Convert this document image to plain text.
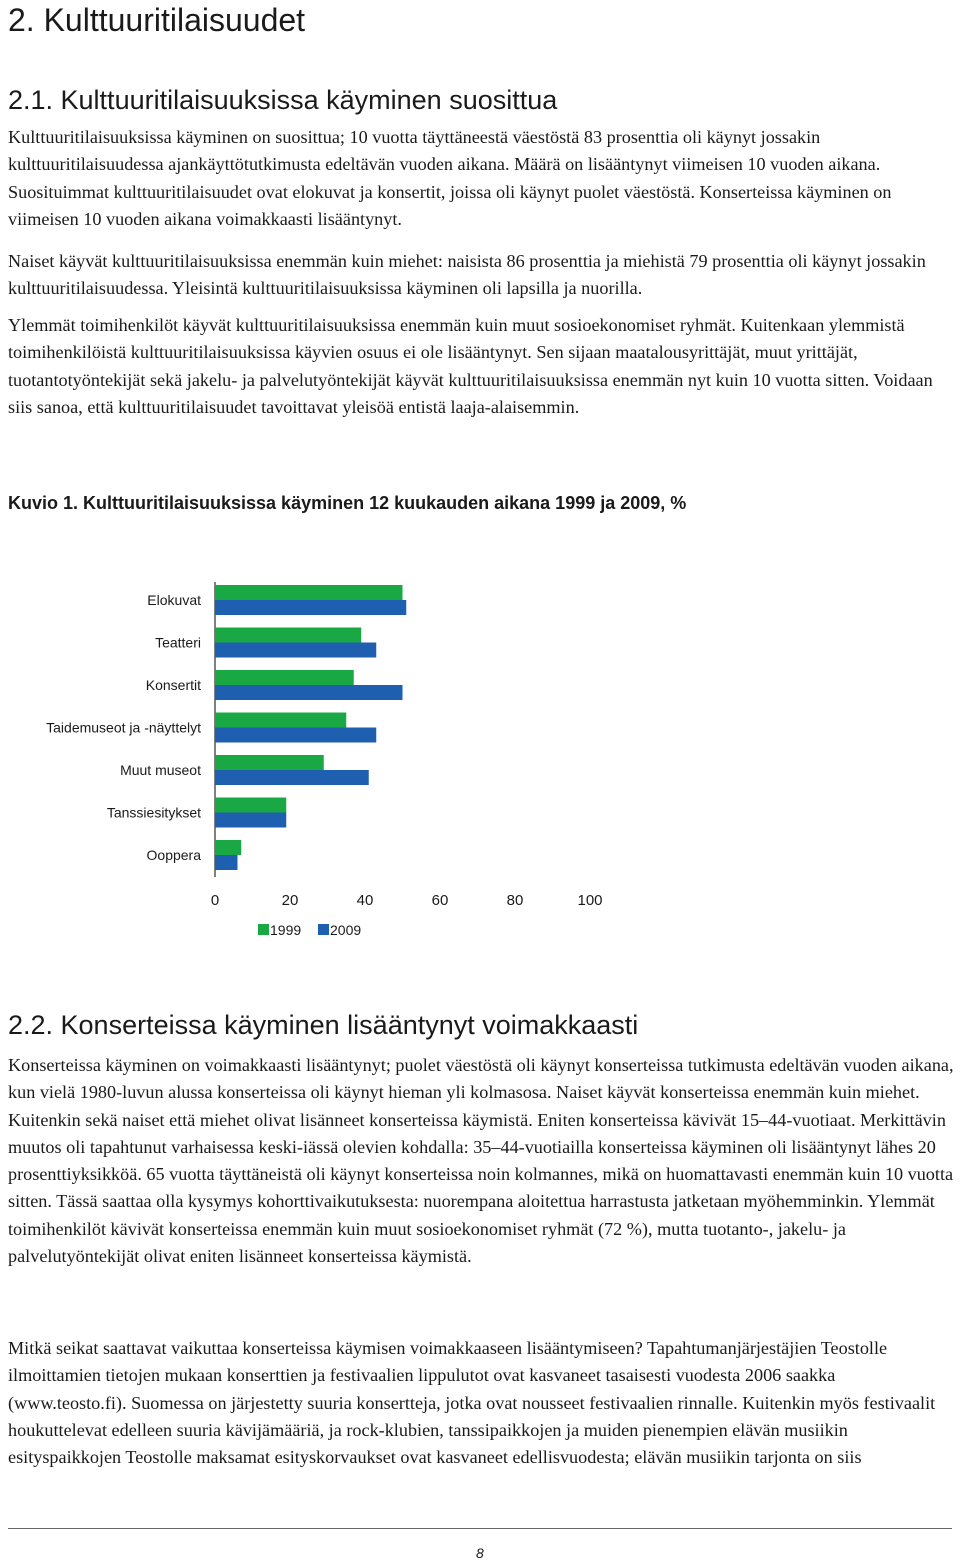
2. Kulttuuritilaisuudet
2.1. Kulttuuritilaisuuksissa käyminen suosittua

Kulttuuritilaisuuksissa käyminen on suosittua; 10 vuotta täyttäneestä väestöstä 83 prosenttia oli käynyt jossakin kulttuuritilaisuudessa ajankäyttötutkimusta edeltävän vuoden aikana. Määrä on lisääntynyt viimeisen 10 vuoden aikana. Suosituimmat kulttuuritilaisuudet ovat elokuvat ja konsertit, joissa oli käynyt puolet väestöstä. Konserteissa käyminen on viimeisen 10 vuoden aikana voimakkaasti lisääntynyt.

Naiset käyvät kulttuuritilaisuuksissa enemmän kuin miehet: naisista 86 prosenttia ja miehistä 79 prosenttia oli käynyt jossakin kulttuuritilaisuudessa. Yleisintä kulttuuritilaisuuksissa käyminen oli lapsilla ja nuorilla.

Ylemmät toimihenkilöt käyvät kulttuuritilaisuuksissa enemmän kuin muut sosioekonomiset ryhmät. Kuitenkaan ylemmistä toimihenkilöistä kulttuuritilaisuuksissa käyvien osuus ei ole lisääntynyt. Sen sijaan maatalousyrittäjät, muut yrittäjät, tuotantotyöntekijät sekä jakelu- ja palvelutyöntekijät käyvät kulttuuritilaisuuksissa enemmän nyt kuin 10 vuotta sitten. Voidaan siis sanoa, että kulttuuritilaisuudet tavoittavat yleisöä entistä laaja-alaisemmin.

Kuvio 1. Kulttuuritilaisuuksissa käyminen 12 kuukauden aikana 1999 ja 2009, %

Elokuvat
Teatteri
Konsertit
Taidemuseot ja -näyttelyt
Muut museot
Tanssiesitykset
Ooppera
0	20	40	60	80	100
1999 2009
2.2. Konserteissa käyminen lisääntynyt voimakkaasti

Konserteissa käyminen on voimakkaasti lisääntynyt; puolet väestöstä oli käynyt konserteissa tutkimusta edeltävän vuoden aikana, kun vielä 1980-luvun alussa konserteissa oli käynyt hieman yli kolmasosa. Naiset käyvät konserteissa enemmän kuin miehet. Kuitenkin sekä naiset että miehet olivat lisänneet konserteissa käymistä. Eniten konserteissa kävivät 15–44-vuotiaat. Merkittävin muutos oli tapahtunut varhaisessa keski-iässä olevien kohdalla: 35–44-vuotiailla konserteissa käyminen oli lisääntynyt lähes 20 prosenttiyksikköä. 65 vuotta täyttäneistä oli käynyt konserteissa noin kolmannes, mikä on huomattavasti enemmän kuin 10 vuotta sitten. Tässä saattaa olla kysymys kohorttivaikutuksesta: nuorempana aloitettua harrastusta jatketaan myöhemminkin. Ylemmät toimihenkilöt kävivät konserteissa enemmän kuin muut sosioekonomiset ryhmät (72 %), mutta tuotanto-, jakelu- ja palvelutyöntekijät olivat eniten lisänneet konserteissa käymistä.

Mitkä seikat saattavat vaikuttaa konserteissa käymisen voimakkaaseen lisääntymiseen? Tapahtumanjärjestäjien Teostolle ilmoittamien tietojen mukaan konserttien ja festivaalien lippulutot ovat kasvaneet tasaisesti vuodesta 2006 saakka (www.teosto.fi). Suomessa on järjestetty suuria konsertteja, jotka ovat nousseet festivaalien rinnalle. Kuitenkin myös festivaalit houkuttelevat edelleen suuria kävijämääriä, ja rock-klubien, tanssipaikkojen ja muiden pienempien elävän musiikin esityspaikkojen Teostolle maksamat esityskorvaukset ovat kasvaneet edellisvuodesta; elävän musiikin tarjonta on siis

8
